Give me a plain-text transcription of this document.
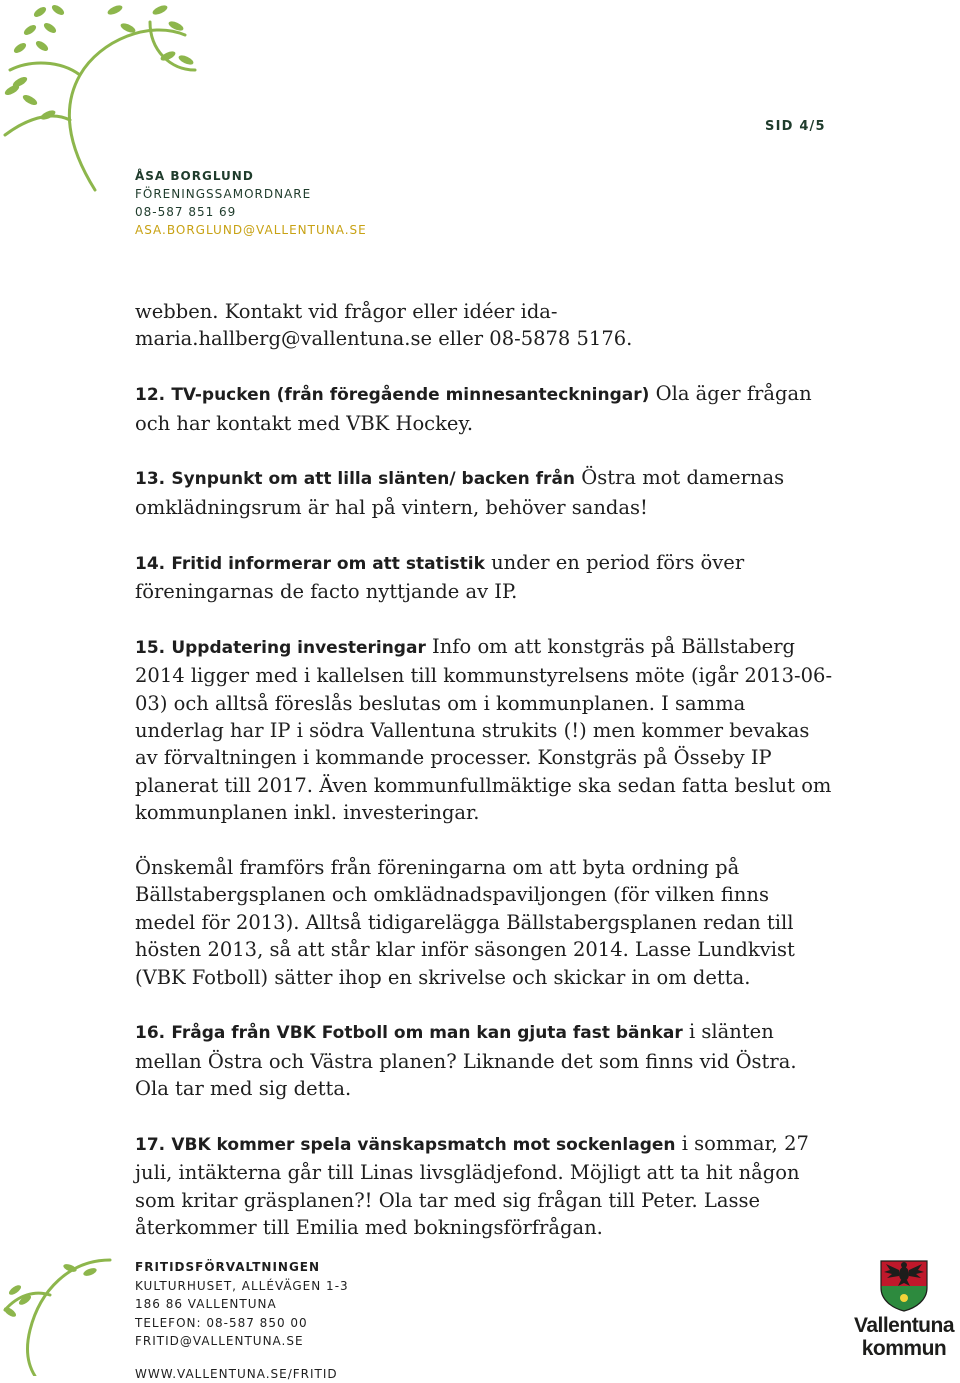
SID 4/5
ÅSA BORGLUND
FÖRENINGSSAMORDNARE
08-587 851 69
ASA.BORGLUND@VALLENTUNA.SE

webben. Kontakt vid frågor eller idéer ida-maria.hallberg@vallentuna.se eller 08-5878 5176.

12. TV-pucken (från föregående minnesanteckningar) Ola äger frågan och har kontakt med VBK Hockey.

13. Synpunkt om att lilla slänten/ backen från Östra mot damernas omklädningsrum är hal på vintern, behöver sandas!

14. Fritid informerar om att statistik under en period förs över föreningarnas de facto nyttjande av IP.

15. Uppdatering investeringar Info om att konstgräs på Bällstaberg 2014 ligger med i kallelsen till kommunstyrelsens möte (igår 2013-06-03) och alltså föreslås beslutas om i kommunplanen. I samma underlag har IP i södra Vallentuna strukits (!) men kommer bevakas av förvaltningen i kommande processer. Konstgräs på Össeby IP planerat till 2017. Även kommunfullmäktige ska sedan fatta beslut om kommunplanen inkl. investeringar.

Önskemål framförs från föreningarna om att byta ordning på Bällstabergsplanen och omklädnadspaviljongen (för vilken finns medel för 2013). Alltså tidigarelägga Bällstabergsplanen redan till hösten 2013, så att står klar inför säsongen 2014. Lasse Lundkvist (VBK Fotboll) sätter ihop en skrivelse och skickar in om detta.

16. Fråga från VBK Fotboll om man kan gjuta fast bänkar i slänten mellan Östra och Västra planen? Liknande det som finns vid Östra. Ola tar med sig detta.

17. VBK kommer spela vänskapsmatch mot sockenlagen i sommar, 27 juli, intäkterna går till Linas livsglädjefond. Möjligt att ta hit någon som kritar gräsplanen?! Ola tar med sig frågan till Peter. Lasse återkommer till Emilia med bokningsförfrågan.

FRITIDSFÖRVALTNINGEN
KULTURHUSET, ALLÉVÄGEN 1-3
186 86 VALLENTUNA
TELEFON: 08-587 850 00
FRITID@VALLENTUNA.SE
WWW.VALLENTUNA.SE/FRITID
Vallentuna
kommun
